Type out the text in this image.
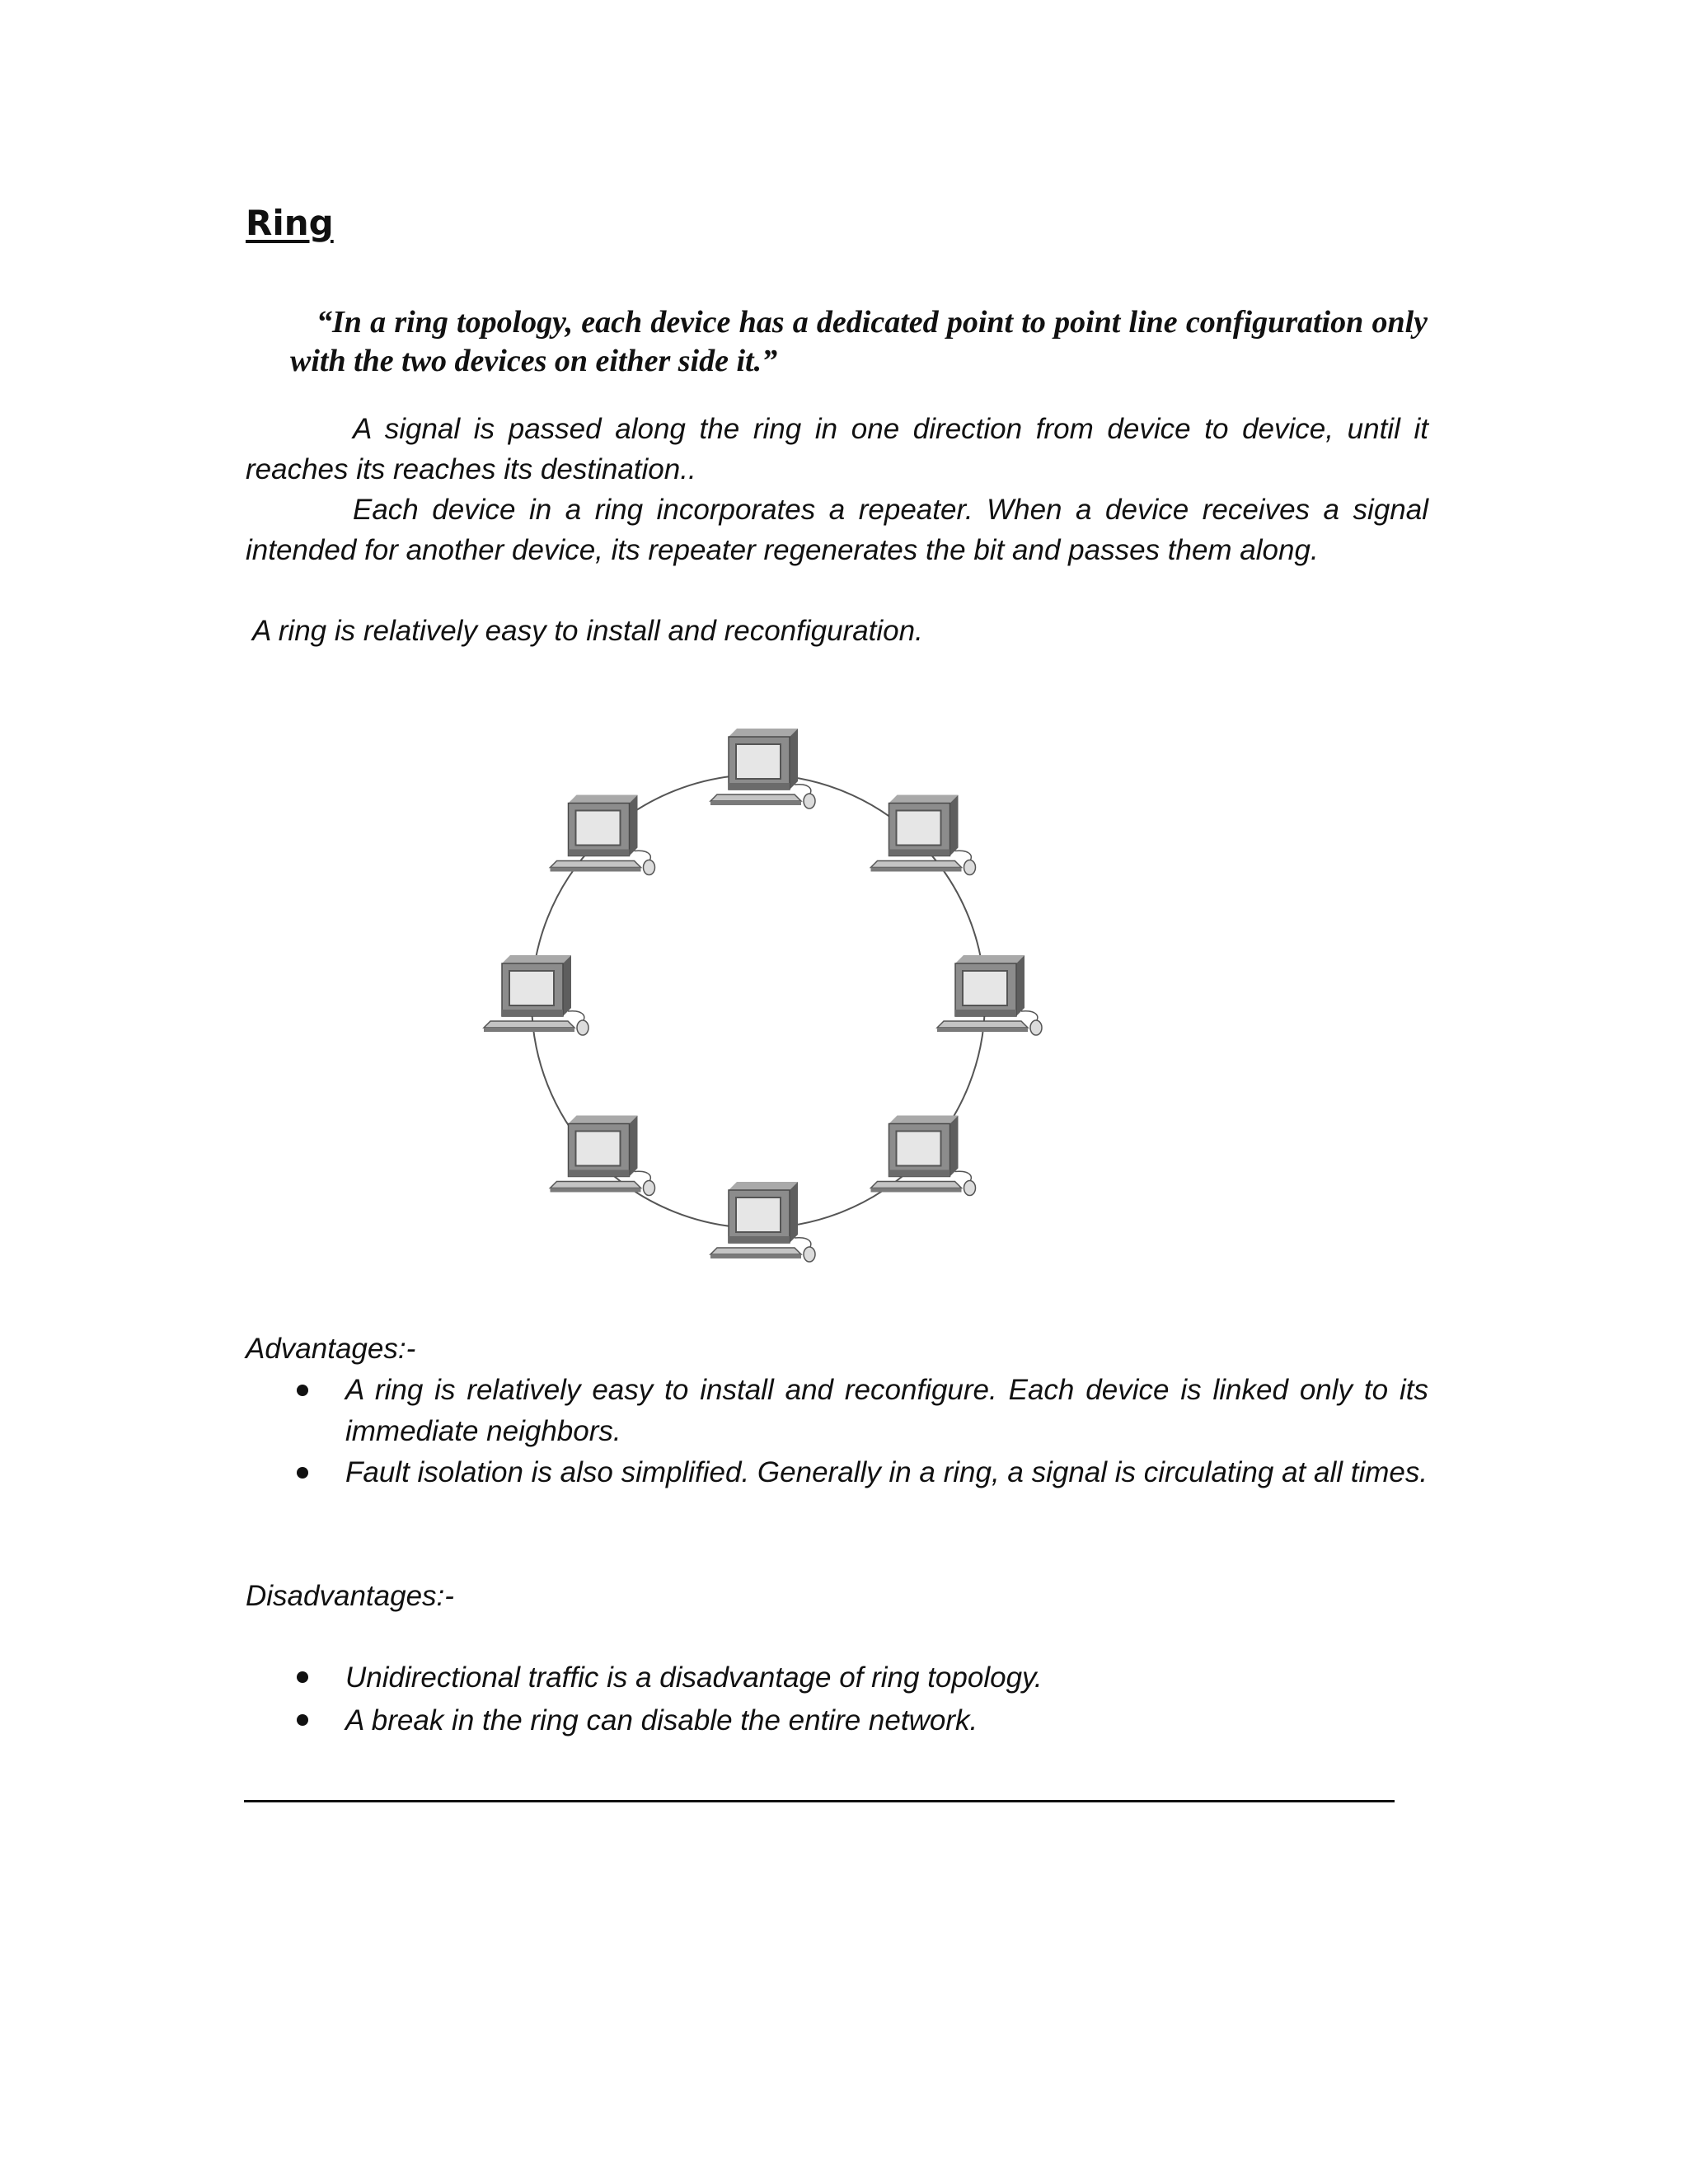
Ring

“In a ring topology, each device has a dedicated point to point line configuration only with the two devices on either side it.”

A signal is passed along the ring in one direction from device to device, until it reaches its reaches its destination..

Each device in a ring incorporates a repeater. When a device receives a signal intended for another device, its repeater regenerates the bit and passes them along.

A ring is relatively easy to install and reconfiguration.

Advantages:-

A ring is relatively easy to install and reconfigure. Each device is linked only to its immediate neighbors.
Fault isolation is also simplified. Generally in a ring, a signal is circulating at all times.

Disadvantages:-

Unidirectional traffic is a disadvantage of ring topology.
A break in the ring can disable the entire network.
